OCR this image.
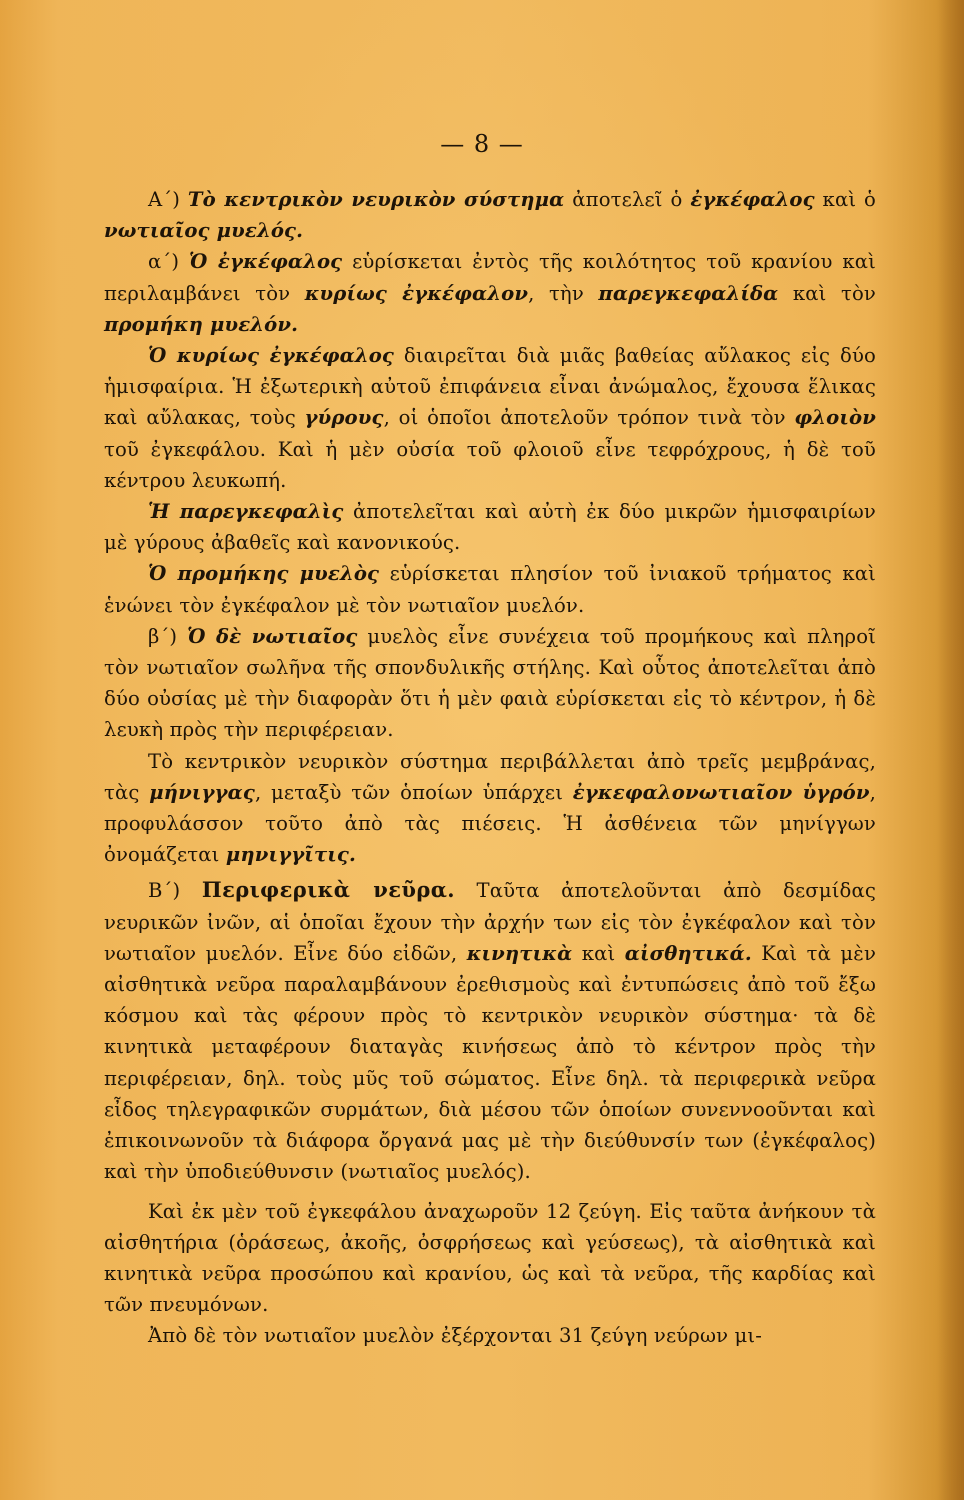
— 8 —

Α΄) Τὸ κεντρικὸν νευρικὸν σύστημα ἀποτελεῖ ὁ ἐγκέφαλος καὶ ὁ νωτιαῖος μυελός.

α΄) Ὁ ἐγκέφαλος εὑρίσκεται ἐντὸς τῆς κοιλότητος τοῦ κρανίου καὶ περιλαμβάνει τὸν κυρίως ἐγκέφαλον, τὴν παρεγκεφαλίδα καὶ τὸν προμήκη μυελόν.

Ὁ κυρίως ἐγκέφαλος διαιρεῖται διὰ μιᾶς βαθείας αὔλακος εἰς δύο ἡμισφαίρια. Ἡ ἐξωτερικὴ αὐτοῦ ἐπιφάνεια εἶναι ἀνώμαλος, ἔχουσα ἕλικας καὶ αὔλακας, τοὺς γύρους, οἱ ὁποῖοι ἀποτελοῦν τρόπον τινὰ τὸν φλοιὸν τοῦ ἐγκεφάλου. Καὶ ἡ μὲν οὐσία τοῦ φλοιοῦ εἶνε τεφρόχρους, ἡ δὲ τοῦ κέντρου λευκωπή.

Ἡ παρεγκεφαλὶς ἀποτελεῖται καὶ αὐτὴ ἐκ δύο μικρῶν ἡμισφαιρίων μὲ γύρους ἀβαθεῖς καὶ κανονικούς.

Ὁ προμήκης μυελὸς εὑρίσκεται πλησίον τοῦ ἰνιακοῦ τρήματος καὶ ἑνώνει τὸν ἐγκέφαλον μὲ τὸν νωτιαῖον μυελόν.

β΄) Ὁ δὲ νωτιαῖος μυελὸς εἶνε συνέχεια τοῦ προμήκους καὶ πληροῖ τὸν νωτιαῖον σωλῆνα τῆς σπονδυλικῆς στήλης. Καὶ οὗτος ἀποτελεῖται ἀπὸ δύο οὐσίας μὲ τὴν διαφορὰν ὅτι ἡ μὲν φαιὰ εὑρίσκεται εἰς τὸ κέντρον, ἡ δὲ λευκὴ πρὸς τὴν περιφέρειαν.

Τὸ κεντρικὸν νευρικὸν σύστημα περιβάλλεται ἀπὸ τρεῖς μεμβράνας, τὰς μήνιγγας, μεταξὺ τῶν ὁποίων ὑπάρχει ἐγκεφαλονωτιαῖον ὑγρόν, προφυλάσσον τοῦτο ἀπὸ τὰς πιέσεις. Ἡ ἀσθένεια τῶν μηνίγγων ὀνομάζεται μηνιγγῖτις.

Β΄) Περιφερικὰ νεῦρα. Ταῦτα ἀποτελοῦνται ἀπὸ δεσμίδας νευρικῶν ἰνῶν, αἱ ὁποῖαι ἔχουν τὴν ἀρχήν των εἰς τὸν ἐγκέφαλον καὶ τὸν νωτιαῖον μυελόν. Εἶνε δύο εἰδῶν, κινητικὰ καὶ αἰσθητικά. Καὶ τὰ μὲν αἰσθητικὰ νεῦρα παραλαμβάνουν ἐρεθισμοὺς καὶ ἐντυπώσεις ἀπὸ τοῦ ἔξω κόσμου καὶ τὰς φέρουν πρὸς τὸ κεντρικὸν νευρικὸν σύστημα· τὰ δὲ κινητικὰ μεταφέρουν διαταγὰς κινήσεως ἀπὸ τὸ κέντρον πρὸς τὴν περιφέρειαν, δηλ. τοὺς μῦς τοῦ σώματος. Εἶνε δηλ. τὰ περιφερικὰ νεῦρα εἶδος τηλεγραφικῶν συρμάτων, διὰ μέσου τῶν ὁποίων συνεννοοῦνται καὶ ἐπικοινωνοῦν τὰ διάφορα ὄργανά μας μὲ τὴν διεύθυνσίν των (ἐγκέφαλος) καὶ τὴν ὑποδιεύθυνσιν (νωτιαῖος μυελός).

Καὶ ἐκ μὲν τοῦ ἐγκεφάλου ἀναχωροῦν 12 ζεύγη. Εἰς ταῦτα ἀνήκουν τὰ αἰσθητήρια (ὁράσεως, ἀκοῆς, ὀσφρήσεως καὶ γεύσεως), τὰ αἰσθητικὰ καὶ κινητικὰ νεῦρα προσώπου καὶ κρανίου, ὡς καὶ τὰ νεῦρα, τῆς καρδίας καὶ τῶν πνευμόνων.

Ἀπὸ δὲ τὸν νωτιαῖον μυελὸν ἐξέρχονται 31 ζεύγη νεύρων μι-
